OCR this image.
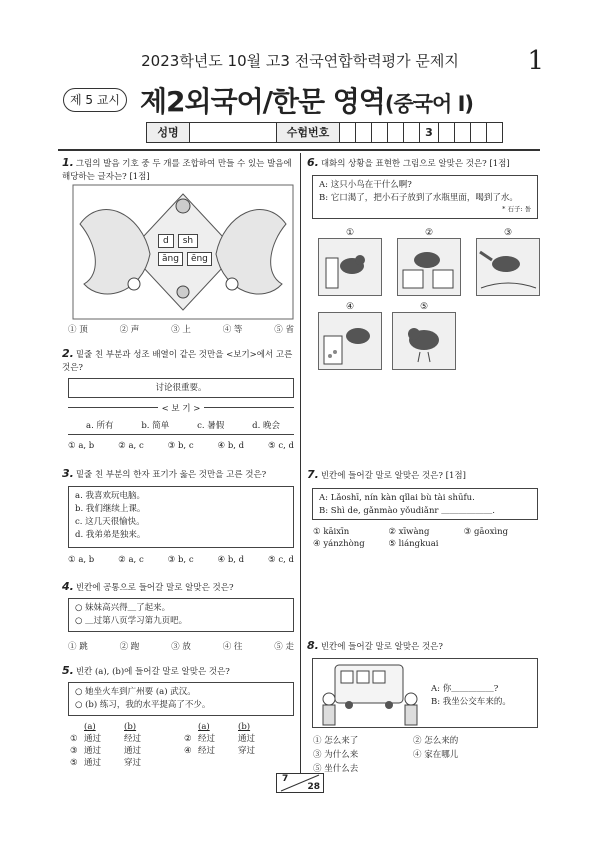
2023학년도 10월 고3 전국연합학력평가 문제지	1
제 5 교시 제2외국어/한문 영역(중국어 Ⅰ)
성명	수험번호	3
1. 그림의 발음 기호 중 두 개를 조합하여 만들 수 있는 발음에 해당하는 글자는? [1점]
d	sh
āng	ēng
① 顶	② 声	③ 上	④ 等	⑤ 省
2. 밑줄 친 부분과 성조 배열이 같은 것만을 <보기>에서 고른 것은?
讨论很重要。
< 보 기 >
a. 所有	b. 简单	c. 暑假	d. 晚会
① a, b	② a, c	③ b, c	④ b, d	⑤ c, d
3. 밑줄 친 부분의 한자 표기가 옳은 것만을 고른 것은?
a. 我喜欢玩电脑。
b. 我们继续上课。
c. 这几天很愉快。
d. 我弟弟是独来。
① a, b	② a, c	③ b, c	④ b, d	⑤ c, d
4. 빈칸에 공통으로 들어갈 말로 알맞은 것은?
○ 妹妹高兴得＿了起来。
○ ＿过第八页学习第九页吧。
① 跳	② 跑	③ 放	④ 往	⑤ 走
5. 빈칸 (a), (b)에 들어갈 말로 알맞은 것은?
○ 她坐火车到广州要 (a) 武汉。
○ (b) 练习，我的水平提高了不少。
(a)	(b)	(a)	(b)
① 通过	经过	② 经过	通过
③ 通过	通过	④ 经过	穿过
⑤ 通过	穿过
6. 대화의 상황을 표현한 그림으로 알맞은 것은? [1점]
A: 这只小鸟在干什么啊?
B: 它口渴了，把小石子放到了水瓶里面，喝到了水。
* 石子: 돌
①	②	③
④	⑤
7. 빈칸에 들어갈 말로 알맞은 것은? [1점]
A: Lǎoshī, nín kàn qǐlai bù tài shūfu.
B: Shì de, gǎnmào yǒudiǎnr ＿＿＿＿＿＿.
① kāixīn	② xīwàng	③ gāoxìng
④ yánzhòng	⑤ liángkuai
8. 빈칸에 들어갈 말로 알맞은 것은?
A: 你＿＿＿＿＿?
B: 我坐公交车来的。
① 怎么来了	② 怎么来的
③ 为什么来	④ 家在哪儿
⑤ 坐什么去
7
28
